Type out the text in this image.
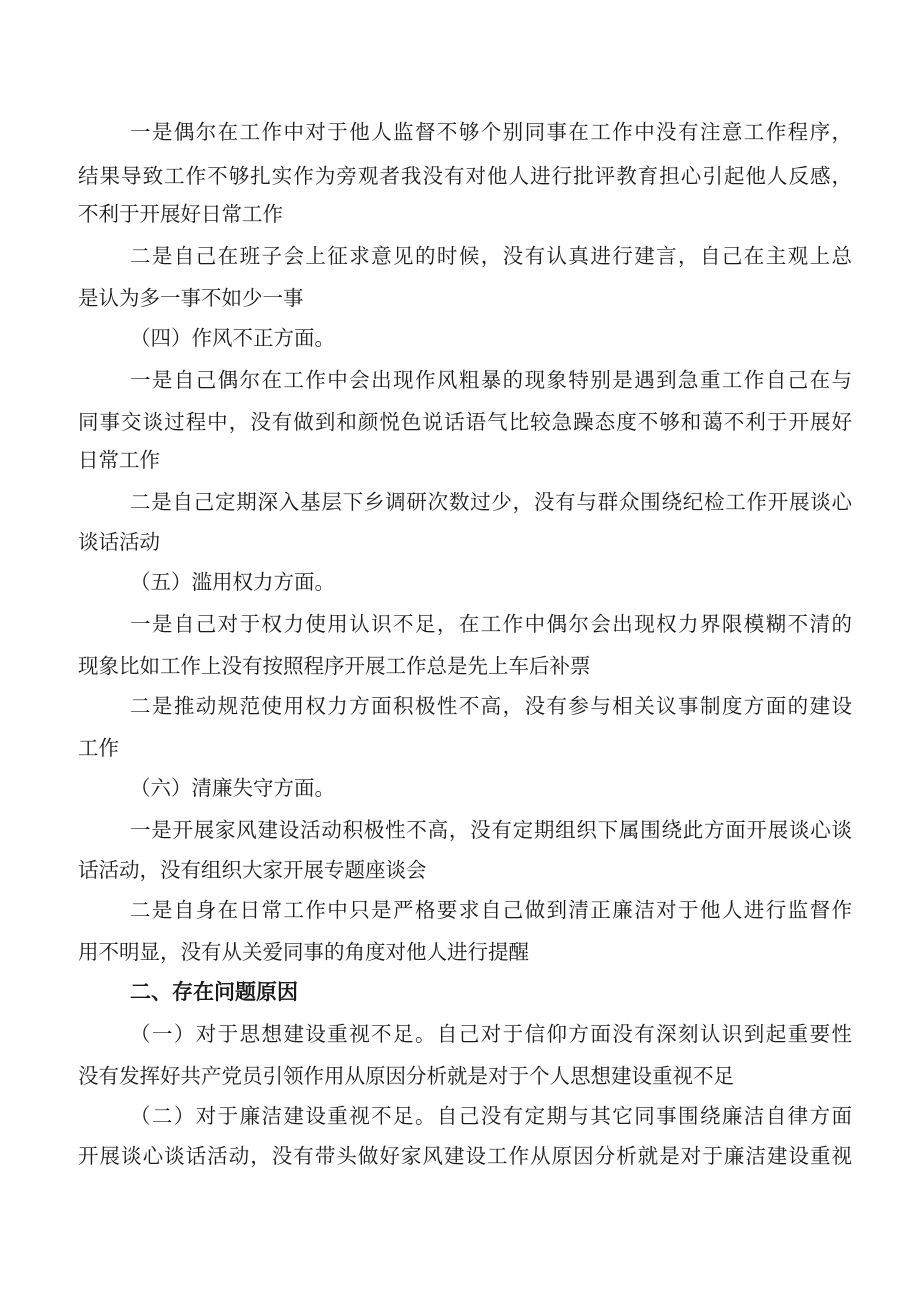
一是偶尔在工作中对于他人监督不够个别同事在工作中没有注意工作程序，
结果导致工作不够扎实作为旁观者我没有对他人进行批评教育担心引起他人反感，
不利于开展好日常工作
二是自己在班子会上征求意见的时候，没有认真进行建言，自己在主观上总
是认为多一事不如少一事
（四）作风不正方面。
一是自己偶尔在工作中会出现作风粗暴的现象特别是遇到急重工作自己在与
同事交谈过程中，没有做到和颜悦色说话语气比较急躁态度不够和蔼不利于开展好
日常工作
二是自己定期深入基层下乡调研次数过少，没有与群众围绕纪检工作开展谈心
谈话活动
（五）滥用权力方面。
一是自己对于权力使用认识不足，在工作中偶尔会出现权力界限模糊不清的
现象比如工作上没有按照程序开展工作总是先上车后补票
二是推动规范使用权力方面积极性不高，没有参与相关议事制度方面的建设
工作
（六）清廉失守方面。
一是开展家风建设活动积极性不高，没有定期组织下属围绕此方面开展谈心谈
话活动，没有组织大家开展专题座谈会
二是自身在日常工作中只是严格要求自己做到清正廉洁对于他人进行监督作
用不明显，没有从关爱同事的角度对他人进行提醒
二、存在问题原因
（一）对于思想建设重视不足。自己对于信仰方面没有深刻认识到起重要性
没有发挥好共产党员引领作用从原因分析就是对于个人思想建设重视不足
（二）对于廉洁建设重视不足。自己没有定期与其它同事围绕廉洁自律方面
开展谈心谈话活动，没有带头做好家风建设工作从原因分析就是对于廉洁建设重视
